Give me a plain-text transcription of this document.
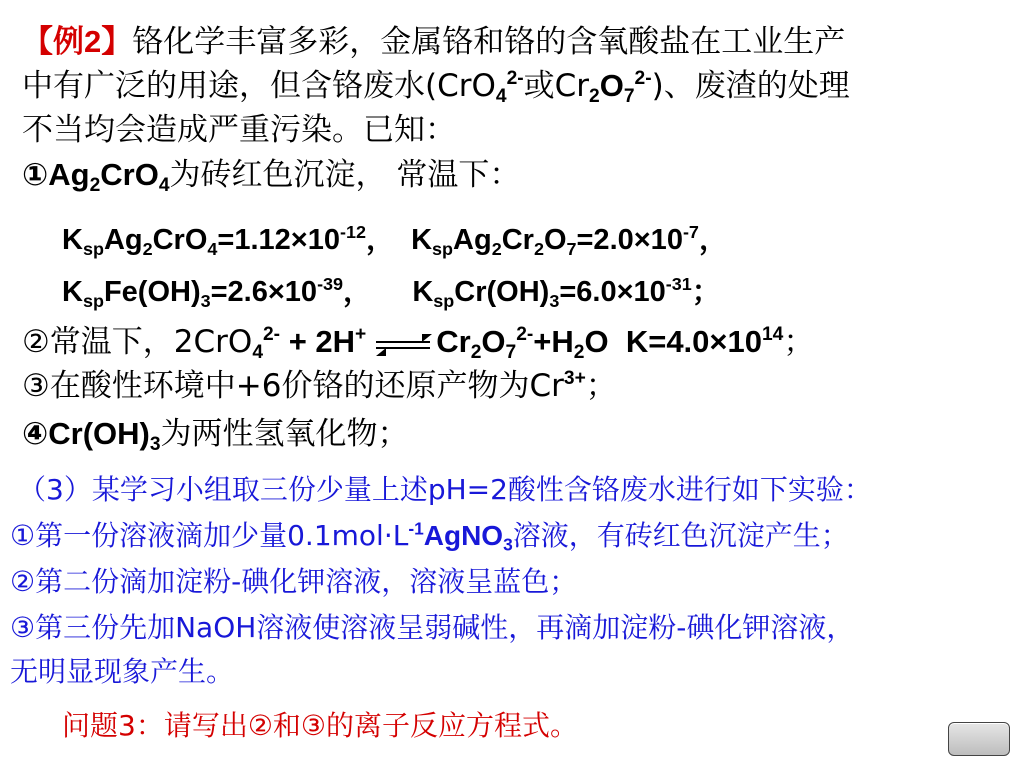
【例2】铬化学丰富多彩，金属铬和铬的含氧酸盐在工业生产
中有广泛的用途，但含铬废水(CrO$_4^{2-}$或$Cr_2O_7^{2-}$)、废渣的处理
不当均会造成严重污染。已知：
$①Ag_2CrO_4$为砖红色沉淀， 常温下：
$K_{sp}Ag_2CrO_4=1.12\times 10^{-12}$，  $K_{sp}Ag_2Cr_2O_7=2.0\times 10^{-7}$，
$K_{sp}Fe(OH)_3=2.6\times 10^{-39}$，     $K_{sp}Cr(OH)_3=6.0\times 10^{-31}$；
②常温下，2CrO$_4^{2-}$ + 2H+ $Cr_2O_7^{2-}+H_2O$  $K=4.0\times 10^{14}$；
③在酸性环境中+6价铬的还原产物为$Cr^{3+}$；
$④Cr(OH)_3$为两性氢氧化物；
（3）某学习小组取三份少量上述pH=2酸性含铬废水进行如下实验：
①第一份溶液滴加少量$0.1mol\cdot L^{-1}AgNO_3$溶液，有砖红色沉淀产生；
②第二份滴加淀粉-碘化钾溶液，溶液呈蓝色；
③第三份先加NaOH溶液使溶液呈弱碱性，再滴加淀粉-碘化钾溶液，
无明显现象产生。
问题3：请写出②和③的离子反应方程式。
